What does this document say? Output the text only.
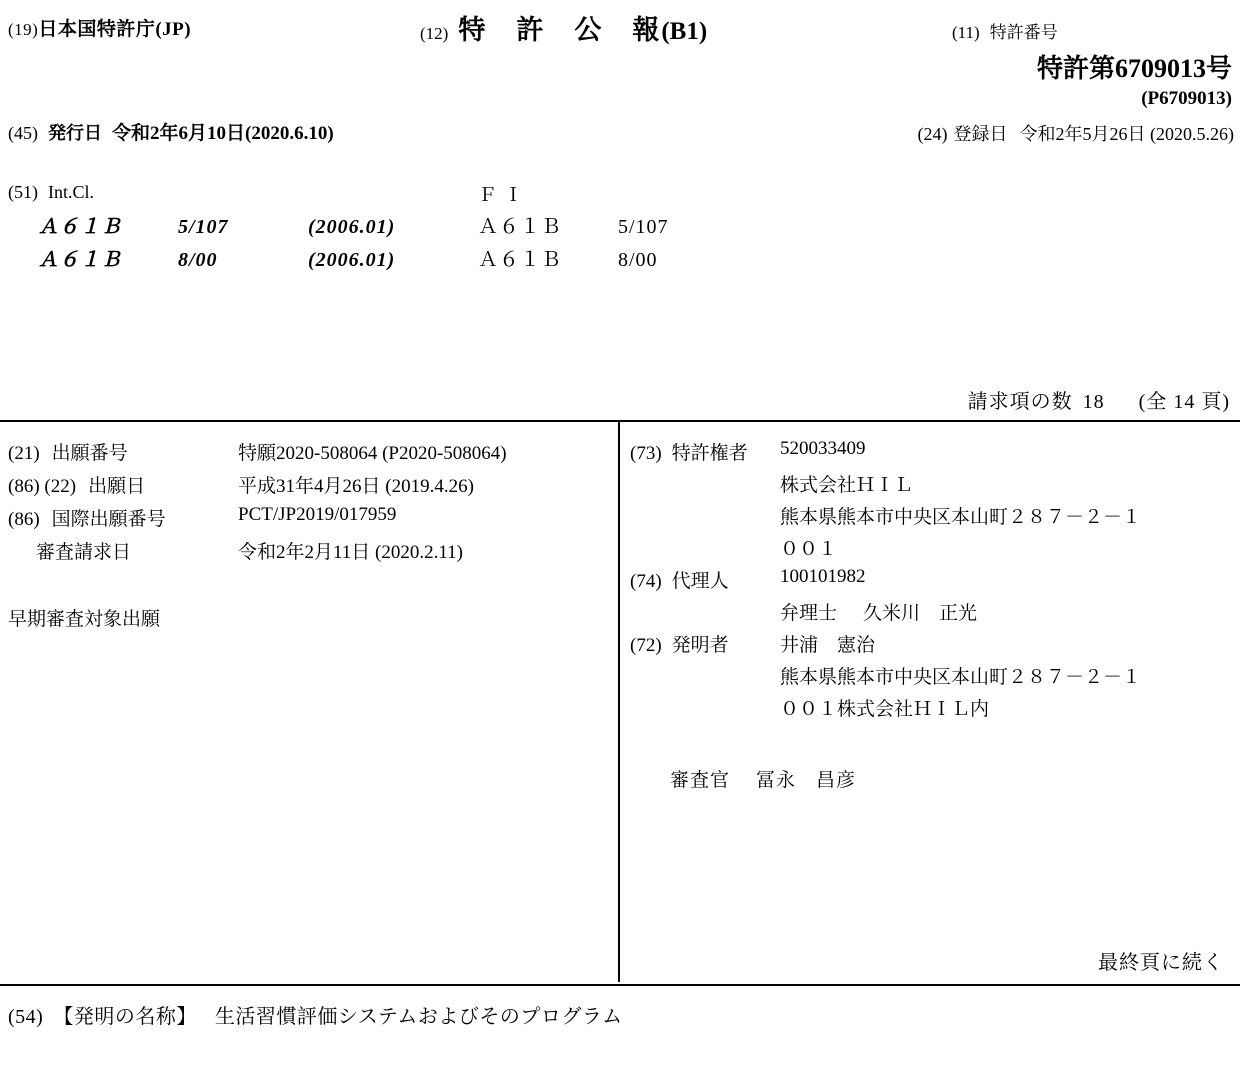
(19)日本国特許庁(JP)	(12) 特　許　公　報(B1)	(11) 特許番号
特許第6709013号
(P6709013)
(45) 発行日 令和2年6月10日(2020.6.10)	(24) 登録日 令和2年5月26日 (2020.5.26)
(51) Int.Cl.	Ｆ Ｉ
Ａ６１Ｂ	5/107	(2006.01)	Ａ６１Ｂ	5/107
Ａ６１Ｂ	8/00	(2006.01)	Ａ６１Ｂ	8/00
請求項の数 18 (全 14 頁)
(21) 出願番号	特願2020-508064 (P2020-508064)
(86) (22) 出願日	平成31年4月26日 (2019.4.26)
(86) 国際出願番号	PCT/JP2019/017959
審査請求日	令和2年2月11日 (2020.2.11)
早期審査対象出願
(73) 特許権者 520033409
株式会社ＨＩＬ
熊本県熊本市中央区本山町２８７－２－１
００１
(74) 代理人	100101982
弁理士 久米川　正光
(72) 発明者	井浦　憲治
熊本県熊本市中央区本山町２８７－２－１
００１株式会社ＨＩＬ内
審査官 冨永　昌彦
最終頁に続く
(54) 【発明の名称】 生活習慣評価システムおよびそのプログラム
